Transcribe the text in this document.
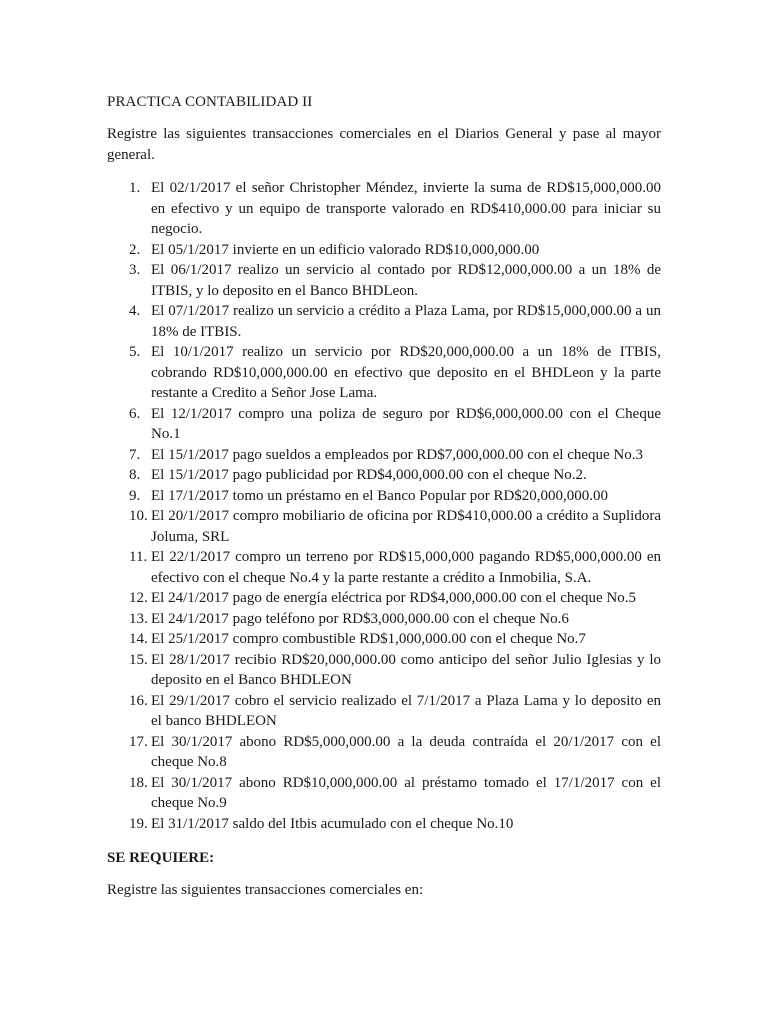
PRACTICA CONTABILIDAD II
Registre las siguientes transacciones comerciales en el Diarios General y pase al mayor general.
1. El 02/1/2017 el señor Christopher Méndez, invierte la suma de RD$15,000,000.00 en efectivo y un equipo de transporte valorado en RD$410,000.00 para iniciar su negocio.
2. El 05/1/2017 invierte en un edificio valorado RD$10,000,000.00
3. El 06/1/2017 realizo un servicio al contado por RD$12,000,000.00 a un 18% de ITBIS, y lo deposito en el Banco BHDLeon.
4. El 07/1/2017 realizo un servicio a crédito a Plaza Lama, por RD$15,000,000.00 a un 18% de ITBIS.
5. El 10/1/2017 realizo un servicio por RD$20,000,000.00 a un 18% de ITBIS, cobrando RD$10,000,000.00 en efectivo que deposito en el BHDLeon y la parte restante a Credito a Señor Jose Lama.
6. El 12/1/2017 compro una poliza de seguro por RD$6,000,000.00 con el Cheque No.1
7. El 15/1/2017 pago sueldos a empleados por RD$7,000,000.00 con el cheque No.3
8. El 15/1/2017 pago publicidad por RD$4,000,000.00 con el cheque No.2.
9. El 17/1/2017 tomo un préstamo en el Banco Popular por RD$20,000,000.00
10. El 20/1/2017 compro mobiliario de oficina por RD$410,000.00 a crédito a Suplidora Joluma, SRL
11. El 22/1/2017 compro un terreno por RD$15,000,000 pagando RD$5,000,000.00 en efectivo con el cheque No.4 y la parte restante a crédito a Inmobilia, S.A.
12. El 24/1/2017 pago de energía eléctrica por RD$4,000,000.00 con el cheque No.5
13. El 24/1/2017 pago teléfono por RD$3,000,000.00 con el cheque No.6
14. El 25/1/2017 compro combustible RD$1,000,000.00 con el cheque No.7
15. El 28/1/2017 recibio RD$20,000,000.00 como anticipo del señor Julio Iglesias y lo deposito en el Banco BHDLEON
16. El 29/1/2017 cobro el servicio realizado el 7/1/2017 a Plaza Lama y lo deposito en el banco BHDLEON
17. El 30/1/2017 abono RD$5,000,000.00 a la deuda contraída el 20/1/2017 con el cheque No.8
18. El 30/1/2017 abono RD$10,000,000.00 al préstamo tomado el 17/1/2017 con el cheque No.9
19. El 31/1/2017 saldo del Itbis acumulado con el cheque No.10
SE REQUIERE:
Registre las siguientes transacciones comerciales en:
